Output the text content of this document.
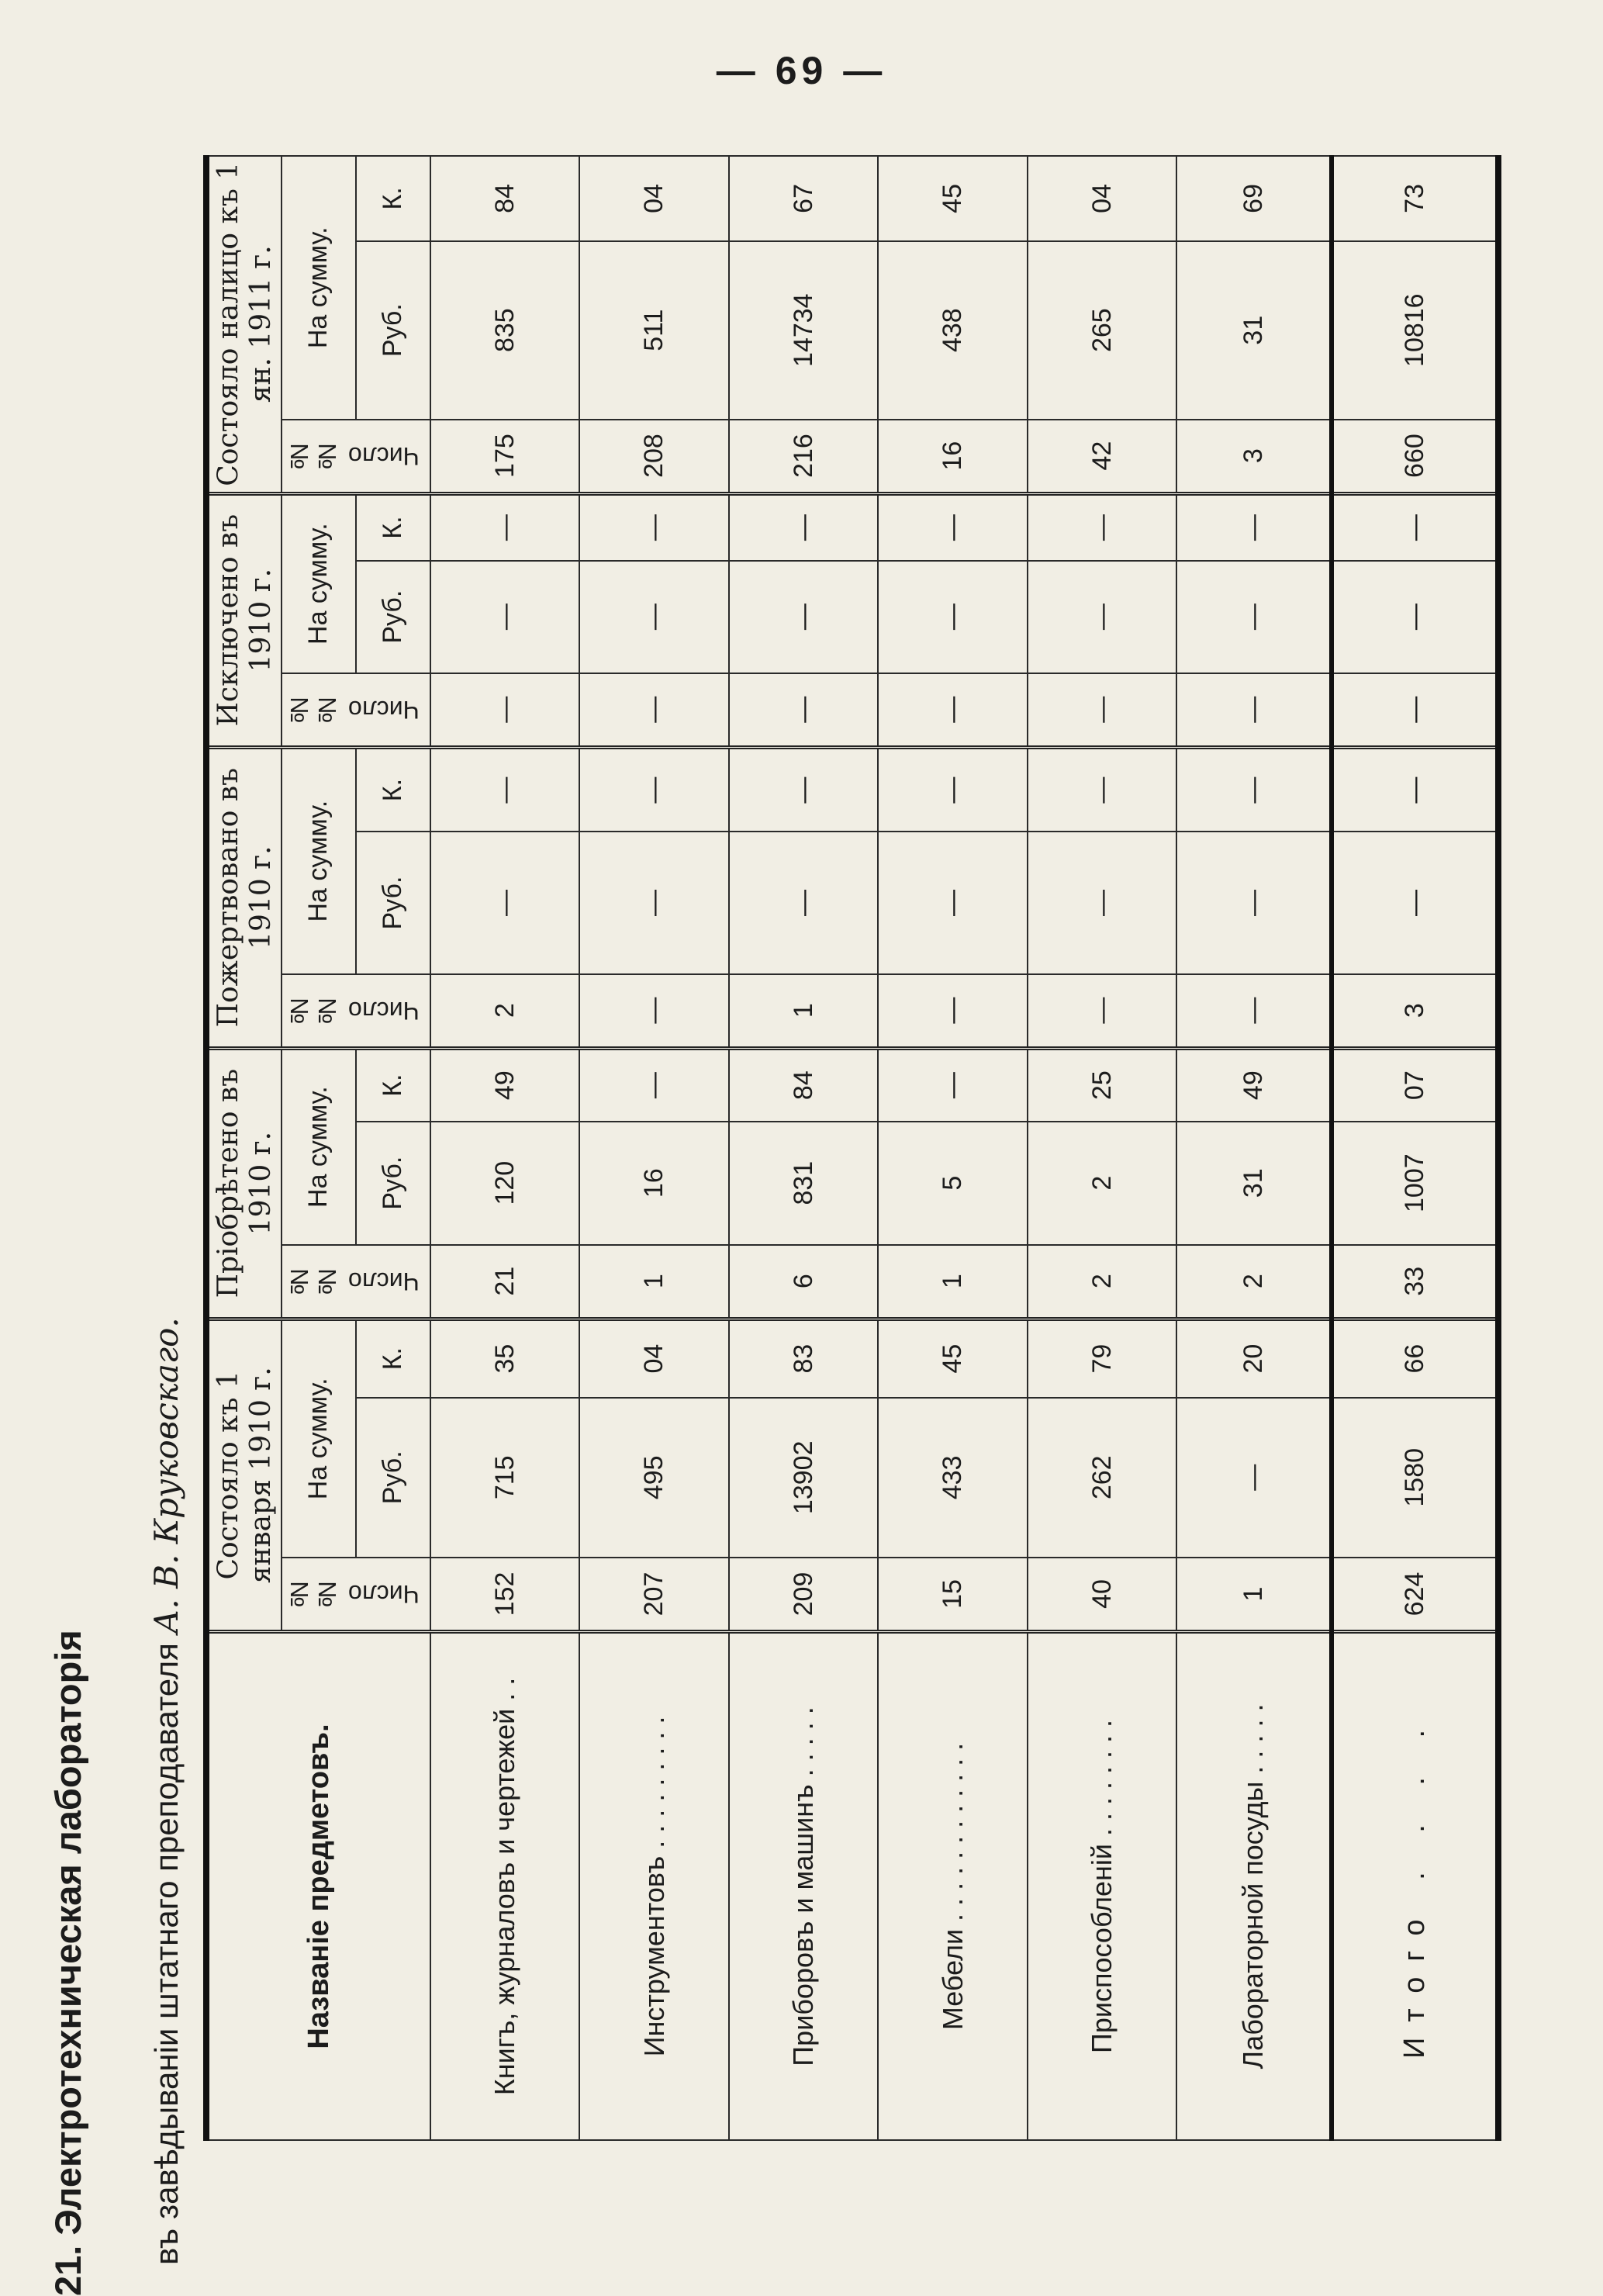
— 69 —
21. Электротехническая лабораторія въ завѣдываніи штатнаго преподавателя А. В. Круковскаго.
Названіе предметовъ.	Состояло къ 1 января 1910 г.			Пріобрѣтено въ 1910 г.			Пожертвовано въ 1910 г.			Исключено въ 1910 г.			Состояло налицо къ 1 ян. 1911 г.		
	Число №№	На сумму.		Число №№	На сумму.		Число №№	На сумму.		Число №№	На сумму.		Число №№	На сумму.	
		Руб.	К.		Руб.	К.		Руб.	К.		Руб.	К.		Руб.	К.
Книгъ, журналовъ и чертежей . .	152	715	35	21	120	49	2	—	—	—	—	—	175	835	84
Инструментовъ . . . . . . . . .	207	495	04	1	16	—	—	—	—	—	—	—	208	511	04
Приборовъ и машинъ . . . . .	209	13902	83	6	831	84	1	—	—	—	—	—	216	14734	67
Мебели . . . . . . . . . . . .	15	433	45	1	5	—	—	—	—	—	—	—	16	438	45
Приспособленій . . . . . . . .	40	262	79	2	2	25	—	—	—	—	—	—	42	265	04
Лабораторной посуды . . . . .	1	—	20	2	31	49	—	—	—	—	—	—	3	31	69
Итого . . . .	624	1580	66	33	1007	07	3	—	—	—	—	—	660	10816	73
